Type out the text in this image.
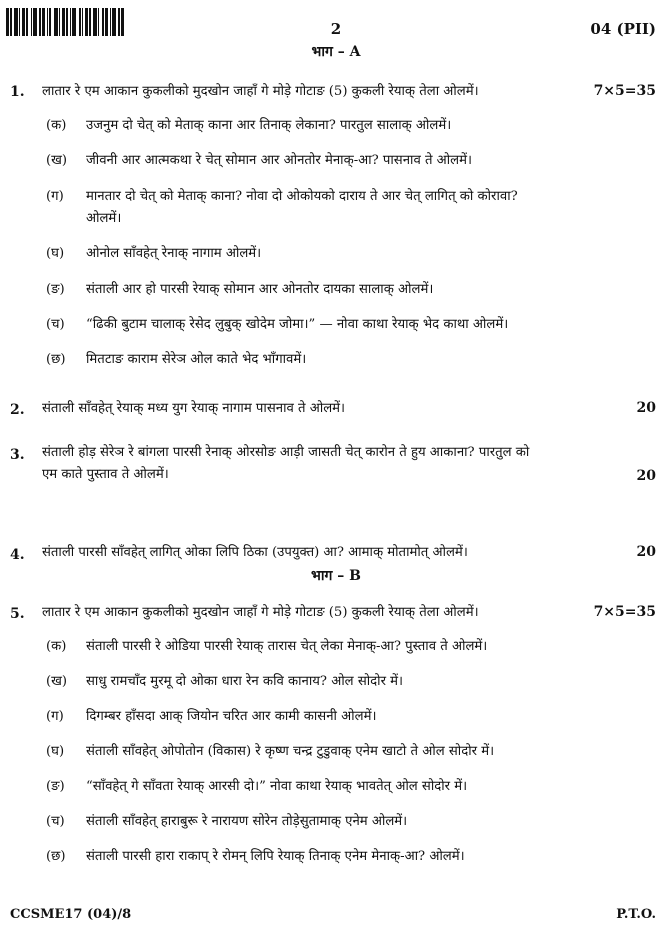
2	04 (PII)
भाग – A
1. लातार रे एम आकान कुकलीको मुदखोन जाहाँ गे मोड़े गोटाङ (5) कुकली रेयाक् तेला ओलमें।	7×5=35
(क) उजनुम दो चेत् को मेताक् काना आर तिनाक् लेकाना? पारतुल सालाक् ओलमें।
(ख) जीवनी आर आत्मकथा रे चेत् सोमान आर ओनतोर मेनाक्-आ? पासनाव ते ओलमें।
(ग) मानतार दो चेत् को मेताक् काना? नोवा दो ओकोयको दाराय ते आर चेत् लागित् को कोरावा?
ओलमें।
(घ) ओनोल साँवहेत् रेनाक् नागाम ओलमें।
(ङ) संताली आर हो पारसी रेयाक् सोमान आर ओनतोर दायका सालाक् ओलमें।
(च) “ढिकी बुटाम चालाक् रेसेद लुबुक् खोदेम जोमा।” — नोवा काथा रेयाक् भेद काथा ओलमें।
(छ) मितटाङ काराम सेरेञ ओल काते भेद भाँगावमें।
2. संताली साँवहेत् रेयाक् मध्य युग रेयाक् नागाम पासनाव ते ओलमें।	20
3. संताली होड़ सेरेञ रे बांगला पारसी रेनाक् ओरसोङ आड़ी जासती चेत् कारोन ते हुय आकाना? पारतुल को
एम काते पुस्ताव ते ओलमें।	20
4. संताली पारसी साँवहेत् लागित् ओका लिपि ठिका (उपयुक्त) आ? आमाक् मोतामोत् ओलमें।	20
भाग – B
5. लातार रे एम आकान कुकलीको मुदखोन जाहाँ गे मोड़े गोटाङ (5) कुकली रेयाक् तेला ओलमें।	7×5=35
(क) संताली पारसी रे ओडिया पारसी रेयाक् तारास चेत् लेका मेनाक्-आ? पुस्ताव ते ओलमें।
(ख) साधु रामचाँद मुरमू दो ओका धारा रेन कवि कानाय? ओल सोदोर में।
(ग) दिगम्बर हाँसदा आक् जियोन चरित आर कामी कासनी ओलमें।
(घ) संताली साँवहेत् ओपोतोन (विकास) रे कृष्ण चन्द्र टुडुवाक् एनेम खाटो ते ओल सोदोर में।
(ङ) “साँवहेत् गे साँवता रेयाक् आरसी दो।” नोवा काथा रेयाक् भावतेत् ओल सोदोर में।
(च) संताली साँवहेत् हाराबुरू रे नारायण सोरेन तोड़ेसुतामाक् एनेम ओलमें।
(छ) संताली पारसी हारा राकाप् रे रोमन् लिपि रेयाक् तिनाक् एनेम मेनाक्-आ? ओलमें।
CCSME17 (04)/8	P.T.O.
